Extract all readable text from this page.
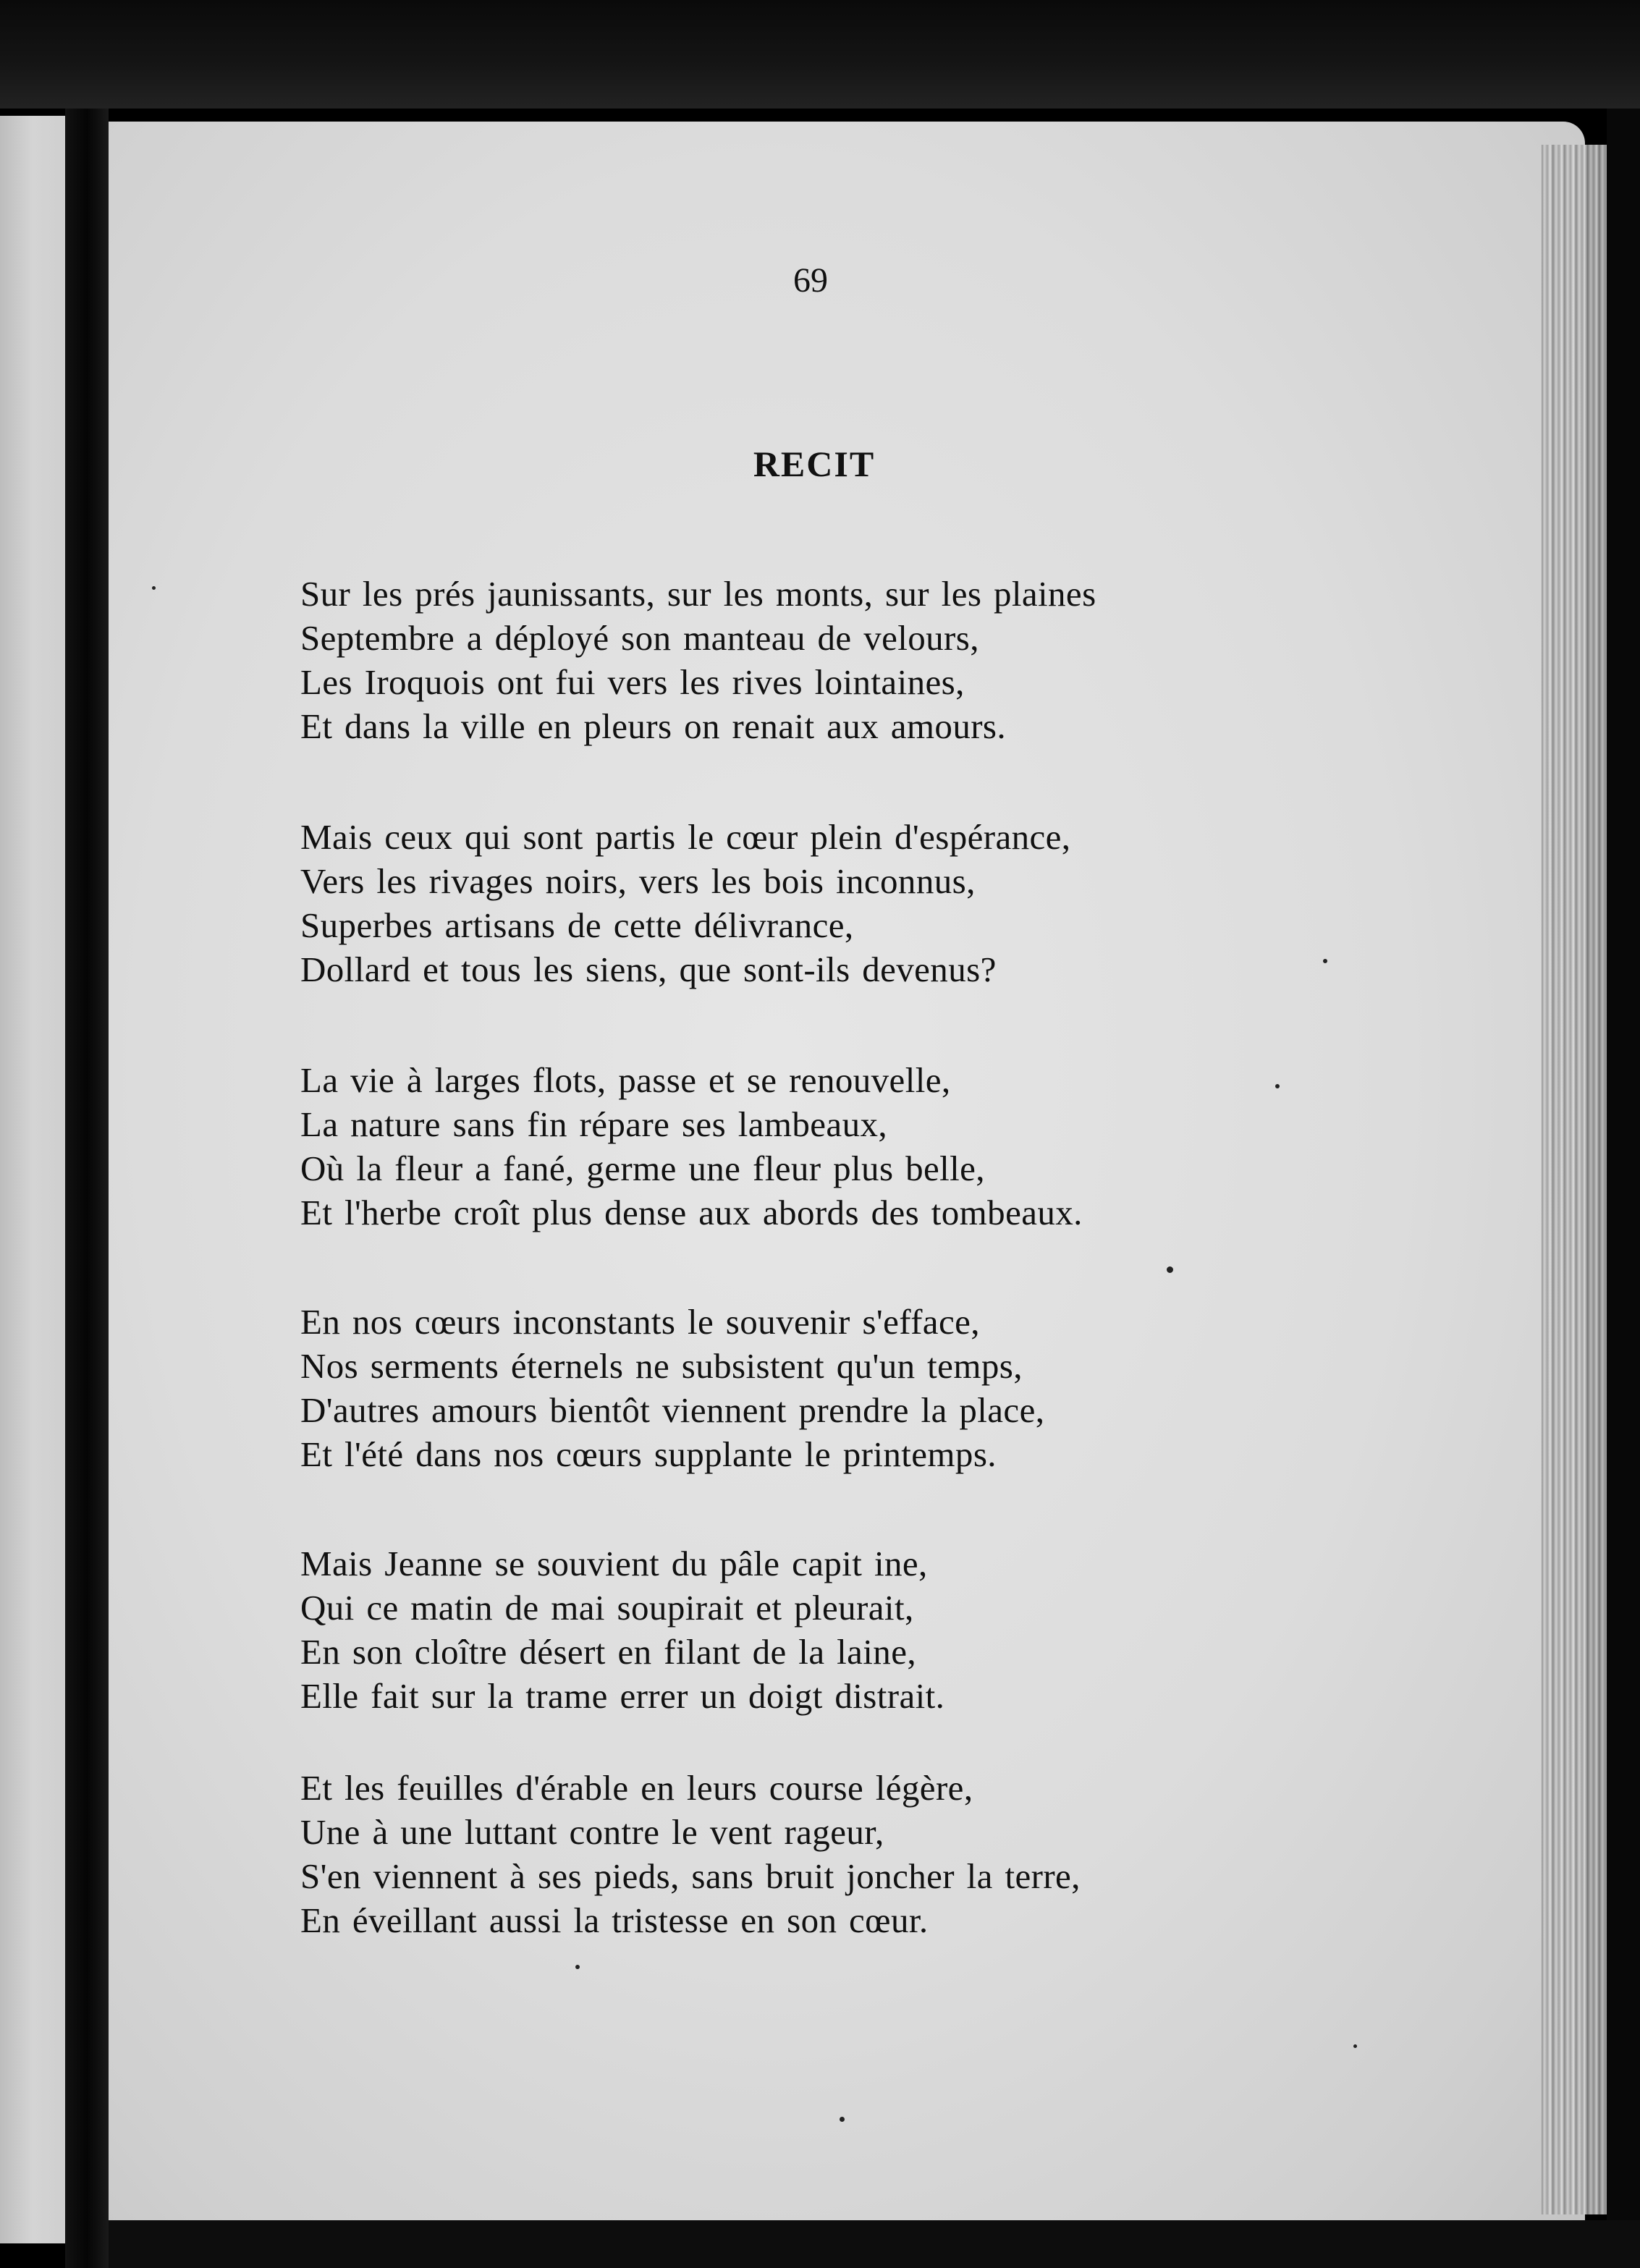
69
RECIT
Sur les prés jaunissants, sur les monts, sur les plaines
Septembre a déployé son manteau de velours,
Les Iroquois ont fui vers les rives lointaines,
Et dans la ville en pleurs on renait aux amours.
Mais ceux qui sont partis le cœur plein d'espérance,
Vers les rivages noirs, vers les bois inconnus,
Superbes artisans de cette délivrance,
Dollard et tous les siens, que sont-ils devenus?
La vie à larges flots, passe et se renouvelle,
La nature sans fin répare ses lambeaux,
Où la fleur a fané, germe une fleur plus belle,
Et l'herbe croît plus dense aux abords des tombeaux.
En nos cœurs inconstants le souvenir s'efface,
Nos serments éternels ne subsistent qu'un temps,
D'autres amours bientôt viennent prendre la place,
Et l'été dans nos cœurs supplante le printemps.
Mais Jeanne se souvient du pâle capit ine,
Qui ce matin de mai soupirait et pleurait,
En son cloître désert en filant de la laine,
Elle fait sur la trame errer un doigt distrait.
Et les feuilles d'érable en leurs course légère,
Une à une luttant contre le vent rageur,
S'en viennent à ses pieds, sans bruit joncher la terre,
En éveillant aussi la tristesse en son cœur.
